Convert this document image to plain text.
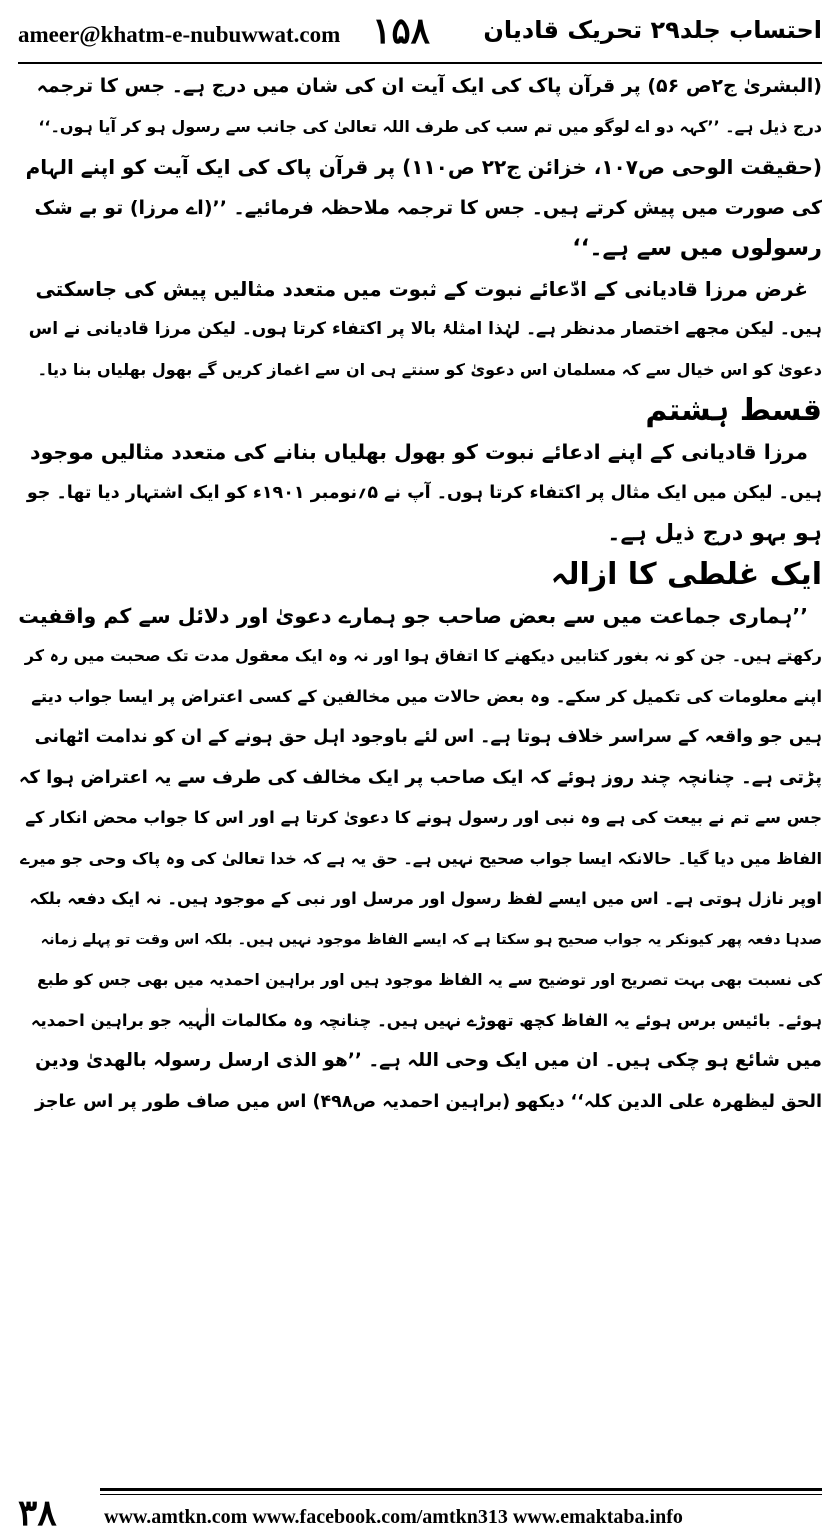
ameer@khatm-e-nubuwwat.com ۱۵۸ احتساب جلد۲۹ تحریک قادیان
(البشریٰ ج۲ص ۵۶) پر قرآن پاک کی ایک آیت ان کی شان میں درج ہے۔ جس کا ترجمہ
درج ذیل ہے۔ ’’کہہ دو اے لوگو میں تم سب کی طرف اللہ تعالیٰ کی جانب سے رسول ہو کر آیا ہوں۔‘‘
(حقیقت الوحی ص۱۰۷، خزائن ج۲۲ ص۱۱۰) پر قرآن پاک کی ایک آیت کو اپنے الہام
کی صورت میں پیش کرتے ہیں۔ جس کا ترجمہ ملاحظہ فرمائیے۔ ’’(اے مرزا) تو بے شک
رسولوں میں سے ہے۔‘‘
غرض مرزا قادیانی کے ادّعائے نبوت کے ثبوت میں متعدد مثالیں پیش کی جاسکتی
ہیں۔ لیکن مجھے اختصار مدنظر ہے۔ لہٰذا امثلۂ بالا پر اکتفاء کرتا ہوں۔ لیکن مرزا قادیانی نے اس
دعویٰ کو اس خیال سے کہ مسلمان اس دعویٰ کو سنتے ہی ان سے اغماز کریں گے بھول بھلیاں بنا دیا۔
قسط ہشتم
مرزا قادیانی کے اپنے ادعائے نبوت کو بھول بھلیاں بنانے کی متعدد مثالیں موجود
ہیں۔ لیکن میں ایک مثال پر اکتفاء کرتا ہوں۔ آپ نے ۵؍نومبر ۱۹۰۱ء کو ایک اشتہار دیا تھا۔ جو
ہو بہو درج ذیل ہے۔
ایک غلطی کا ازالہ
’’ہماری جماعت میں سے بعض صاحب جو ہمارے دعویٰ اور دلائل سے کم واقفیت
رکھتے ہیں۔ جن کو نہ بغور کتابیں دیکھنے کا اتفاق ہوا اور نہ وہ ایک معقول مدت تک صحبت میں رہ کر
اپنے معلومات کی تکمیل کر سکے۔ وہ بعض حالات میں مخالفین کے کسی اعتراض پر ایسا جواب دیتے
ہیں جو واقعہ کے سراسر خلاف ہوتا ہے۔ اس لئے باوجود اہل حق ہونے کے ان کو ندامت اٹھانی
پڑتی ہے۔ چنانچہ چند روز ہوئے کہ ایک صاحب پر ایک مخالف کی طرف سے یہ اعتراض ہوا کہ
جس سے تم نے بیعت کی ہے وہ نبی اور رسول ہونے کا دعویٰ کرتا ہے اور اس کا جواب محض انکار کے
الفاظ میں دیا گیا۔ حالانکہ ایسا جواب صحیح نہیں ہے۔ حق یہ ہے کہ خدا تعالیٰ کی وہ پاک وحی جو میرے
اوپر نازل ہوتی ہے۔ اس میں ایسے لفظ رسول اور مرسل اور نبی کے موجود ہیں۔ نہ ایک دفعہ بلکہ
صدہا دفعہ پھر کیونکر یہ جواب صحیح ہو سکتا ہے کہ ایسے الفاظ موجود نہیں ہیں۔ بلکہ اس وقت تو پہلے زمانہ
کی نسبت بھی بہت تصریح اور توضیح سے یہ الفاظ موجود ہیں اور براہین احمدیہ میں بھی جس کو طبع
ہوئے۔ بائیس برس ہوئے یہ الفاظ کچھ تھوڑے نہیں ہیں۔ چنانچہ وہ مکالمات الٰہیہ جو براہین احمدیہ
میں شائع ہو چکی ہیں۔ ان میں ایک وحی اللہ ہے۔ ’’ھو الذی ارسل رسولہ بالھدیٰ ودین
الحق لیظھرہ علی الدین کلہ‘‘ دیکھو (براہین احمدیہ ص۴۹۸) اس میں صاف طور پر اس عاجز
۳۸ www.amtkn.com www.facebook.com/amtkn313 www.emaktaba.info
